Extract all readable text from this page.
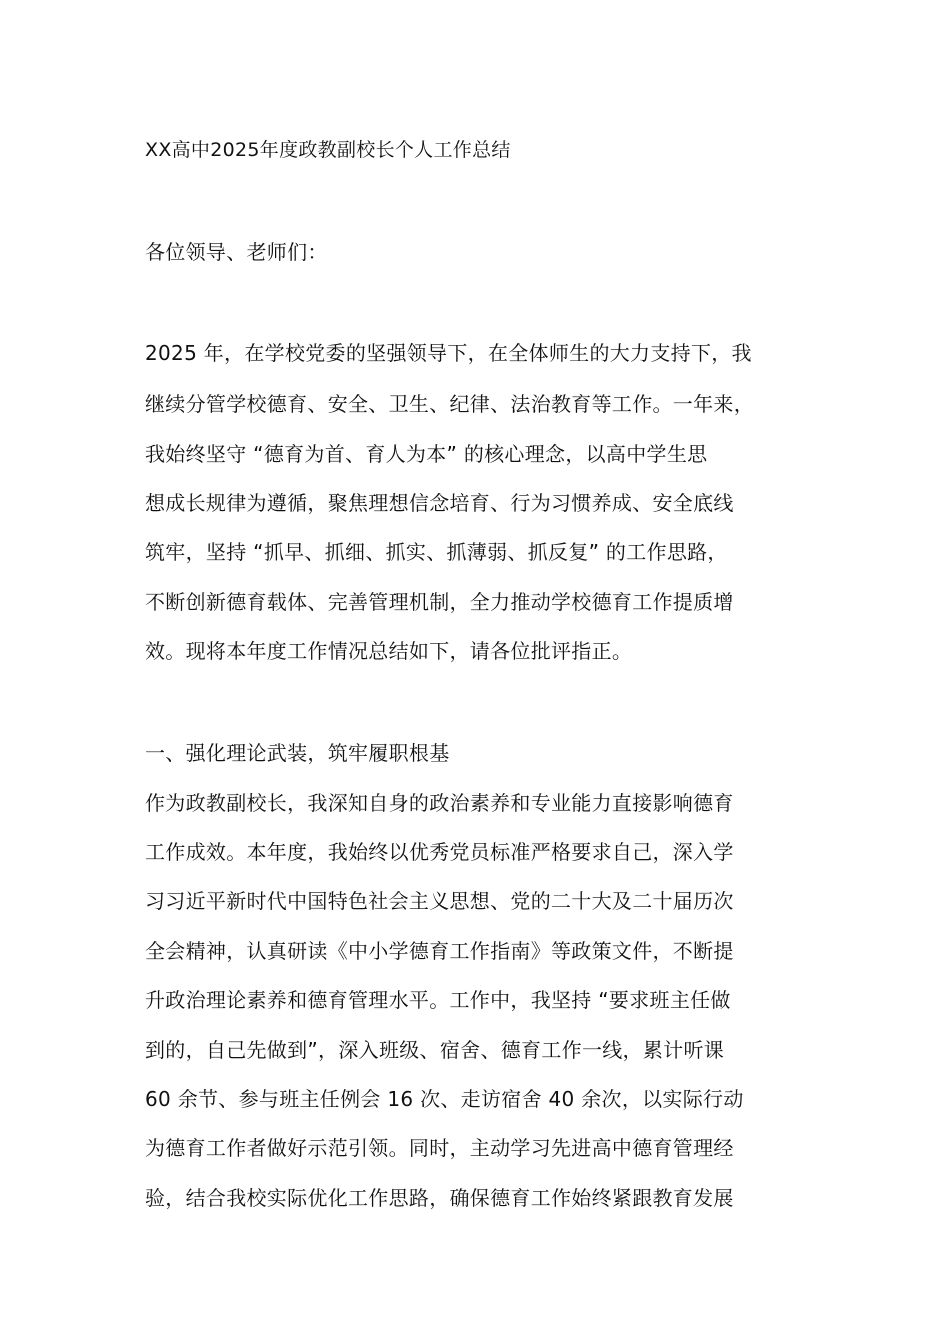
XX高中2025年度政教副校长个人工作总结
各位领导、老师们：
2025 年，在学校党委的坚强领导下，在全体师生的大力支持下，我
继续分管学校德育、安全、卫生、纪律、法治教育等工作。一年来，
我始终坚守 “德育为首、育人为本” 的核心理念，以高中学生思
想成长规律为遵循，聚焦理想信念培育、行为习惯养成、安全底线
筑牢，坚持 “抓早、抓细、抓实、抓薄弱、抓反复” 的工作思路，
不断创新德育载体、完善管理机制，全力推动学校德育工作提质增
效。现将本年度工作情况总结如下，请各位批评指正。
一、强化理论武装，筑牢履职根基
作为政教副校长，我深知自身的政治素养和专业能力直接影响德育
工作成效。本年度，我始终以优秀党员标准严格要求自己，深入学
习习近平新时代中国特色社会主义思想、党的二十大及二十届历次
全会精神，认真研读《中小学德育工作指南》等政策文件，不断提
升政治理论素养和德育管理水平。工作中，我坚持 “要求班主任做
到的，自己先做到”，深入班级、宿舍、德育工作一线，累计听课
60 余节、参与班主任例会 16 次、走访宿舍 40 余次，以实际行动
为德育工作者做好示范引领。同时，主动学习先进高中德育管理经
验，结合我校实际优化工作思路，确保德育工作始终紧跟教育发展
